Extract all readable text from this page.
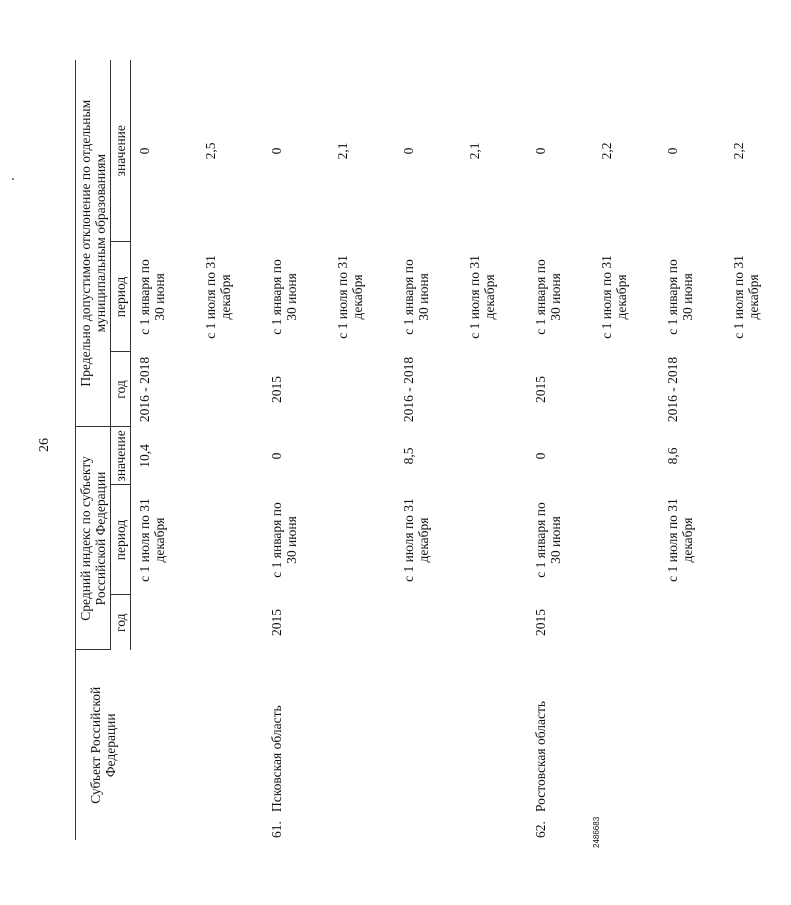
26
2486683
Субъект Российской Федерации	Средний индекс по субъекту Российской Федерации			Предельно допустимое отклонение по отдельным муниципальным образованиям		
	год	период	значение	год	период	значение
		с 1 июля по 31 декабря	10,4	2016 - 2018	с 1 января по 30 июня	0
					с 1 июля по 31 декабря	2,5
61.Псковская область	2015	с 1 января по 30 июня	0	2015	с 1 января по 30 июня	0
					с 1 июля по 31 декабря	2,1
		с 1 июля по 31 декабря	8,5	2016 - 2018	с 1 января по 30 июня	0
					с 1 июля по 31 декабря	2,1
62.Ростовская область	2015	с 1 января по 30 июня	0	2015	с 1 января по 30 июня	0
					с 1 июля по 31 декабря	2,2
		с 1 июля по 31 декабря	8,6	2016 - 2018	с 1 января по 30 июня	0
					с 1 июля по 31 декабря	2,2
